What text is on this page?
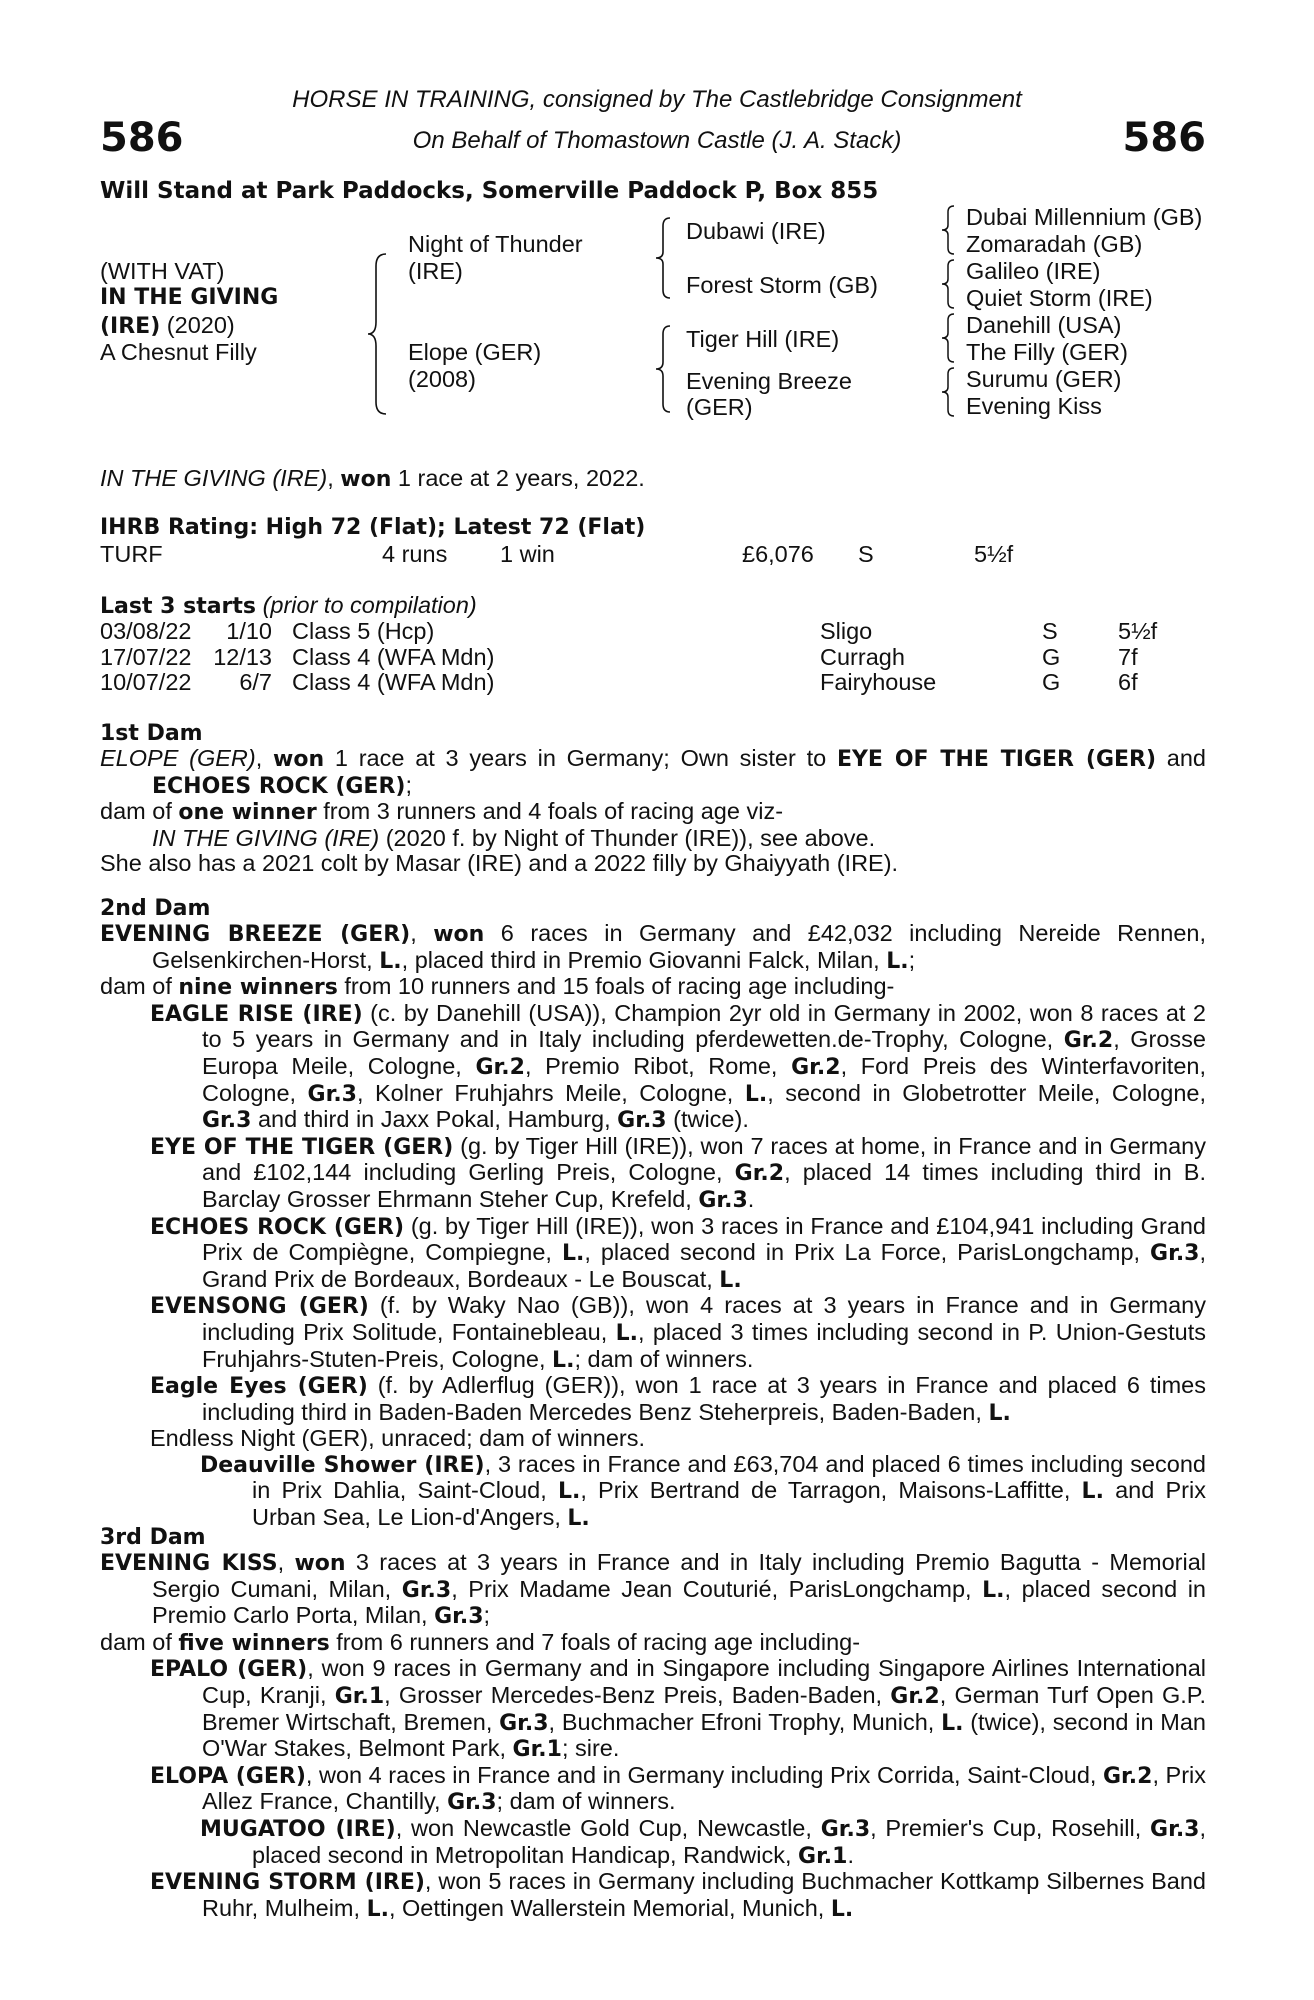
HORSE IN TRAINING, consigned by The Castlebridge Consignment
On Behalf of Thomastown Castle (J. A. Stack)
586	586
Will Stand at Park Paddocks, Somerville Paddock P, Box 855
(WITH VAT)
IN THE GIVING
(IRE) (2020)
A Chesnut Filly
Night of Thunder
(IRE)
Elope (GER)
(2008)
Dubawi (IRE)
Forest Storm (GB)
Tiger Hill (IRE)
Evening Breeze
(GER)
Dubai Millennium (GB)
Zomaradah (GB)
Galileo (IRE)
Quiet Storm (IRE)
Danehill (USA)
The Filly (GER)
Surumu (GER)
Evening Kiss
IN THE GIVING (IRE), won 1 race at 2 years, 2022.
IHRB Rating: High 72 (Flat); Latest 72 (Flat)
TURF	4 runs 1 win	£6,076 S	5½f
Last 3 starts (prior to compilation)
03/08/22	1/10 Class 5 (Hcp)	Sligo	S	5½f
17/07/22 12/13 Class 4 (WFA Mdn)	Curragh	G 7f
10/07/22	6/7 Class 4 (WFA Mdn)	Fairyhouse	G 6f
1st Dam

ELOPE (GER), won 1 race at 3 years in Germany; Own sister to EYE OF THE TIGER (GER) and ECHOES ROCK (GER);

dam of one winner from 3 runners and 4 foals of racing age viz-

IN THE GIVING (IRE) (2020 f. by Night of Thunder (IRE)), see above.

She also has a 2021 colt by Masar (IRE) and a 2022 filly by Ghaiyyath (IRE).

2nd Dam

EVENING BREEZE (GER), won 6 races in Germany and £42,032 including Nereide Rennen, Gelsenkirchen-Horst, L., placed third in Premio Giovanni Falck, Milan, L.;

dam of nine winners from 10 runners and 15 foals of racing age including-

EAGLE RISE (IRE) (c. by Danehill (USA)), Champion 2yr old in Germany in 2002, won 8 races at 2 to 5 years in Germany and in Italy including pferdewetten.de-Trophy, Cologne, Gr.2, Grosse Europa Meile, Cologne, Gr.2, Premio Ribot, Rome, Gr.2, Ford Preis des Winterfavoriten, Cologne, Gr.3, Kolner Fruhjahrs Meile, Cologne, L., second in Globetrotter Meile, Cologne, Gr.3 and third in Jaxx Pokal, Hamburg, Gr.3 (twice).

EYE OF THE TIGER (GER) (g. by Tiger Hill (IRE)), won 7 races at home, in France and in Germany and £102,144 including Gerling Preis, Cologne, Gr.2, placed 14 times including third in B. Barclay Grosser Ehrmann Steher Cup, Krefeld, Gr.3.

ECHOES ROCK (GER) (g. by Tiger Hill (IRE)), won 3 races in France and £104,941 including Grand Prix de Compiègne, Compiegne, L., placed second in Prix La Force, ParisLongchamp, Gr.3, Grand Prix de Bordeaux, Bordeaux - Le Bouscat, L.

EVENSONG (GER) (f. by Waky Nao (GB)), won 4 races at 3 years in France and in Germany including Prix Solitude, Fontainebleau, L., placed 3 times including second in P. Union-Gestuts Fruhjahrs-Stuten-Preis, Cologne, L.; dam of winners.

Eagle Eyes (GER) (f. by Adlerflug (GER)), won 1 race at 3 years in France and placed 6 times including third in Baden-Baden Mercedes Benz Steherpreis, Baden-Baden, L.

Endless Night (GER), unraced; dam of winners.

Deauville Shower (IRE), 3 races in France and £63,704 and placed 6 times including second in Prix Dahlia, Saint-Cloud, L., Prix Bertrand de Tarragon, Maisons-Laffitte, L. and Prix Urban Sea, Le Lion-d'Angers, L.

3rd Dam

EVENING KISS, won 3 races at 3 years in France and in Italy including Premio Bagutta - Memorial Sergio Cumani, Milan, Gr.3, Prix Madame Jean Couturié, ParisLongchamp, L., placed second in Premio Carlo Porta, Milan, Gr.3;

dam of five winners from 6 runners and 7 foals of racing age including-

EPALO (GER), won 9 races in Germany and in Singapore including Singapore Airlines International Cup, Kranji, Gr.1, Grosser Mercedes-Benz Preis, Baden-Baden, Gr.2, German Turf Open G.P. Bremer Wirtschaft, Bremen, Gr.3, Buchmacher Efroni Trophy, Munich, L. (twice), second in Man O'War Stakes, Belmont Park, Gr.1; sire.

ELOPA (GER), won 4 races in France and in Germany including Prix Corrida, Saint-Cloud, Gr.2, Prix Allez France, Chantilly, Gr.3; dam of winners.

MUGATOO (IRE), won Newcastle Gold Cup, Newcastle, Gr.3, Premier's Cup, Rosehill, Gr.3, placed second in Metropolitan Handicap, Randwick, Gr.1.

EVENING STORM (IRE), won 5 races in Germany including Buchmacher Kottkamp Silbernes Band Ruhr, Mulheim, L., Oettingen Wallerstein Memorial, Munich, L.
